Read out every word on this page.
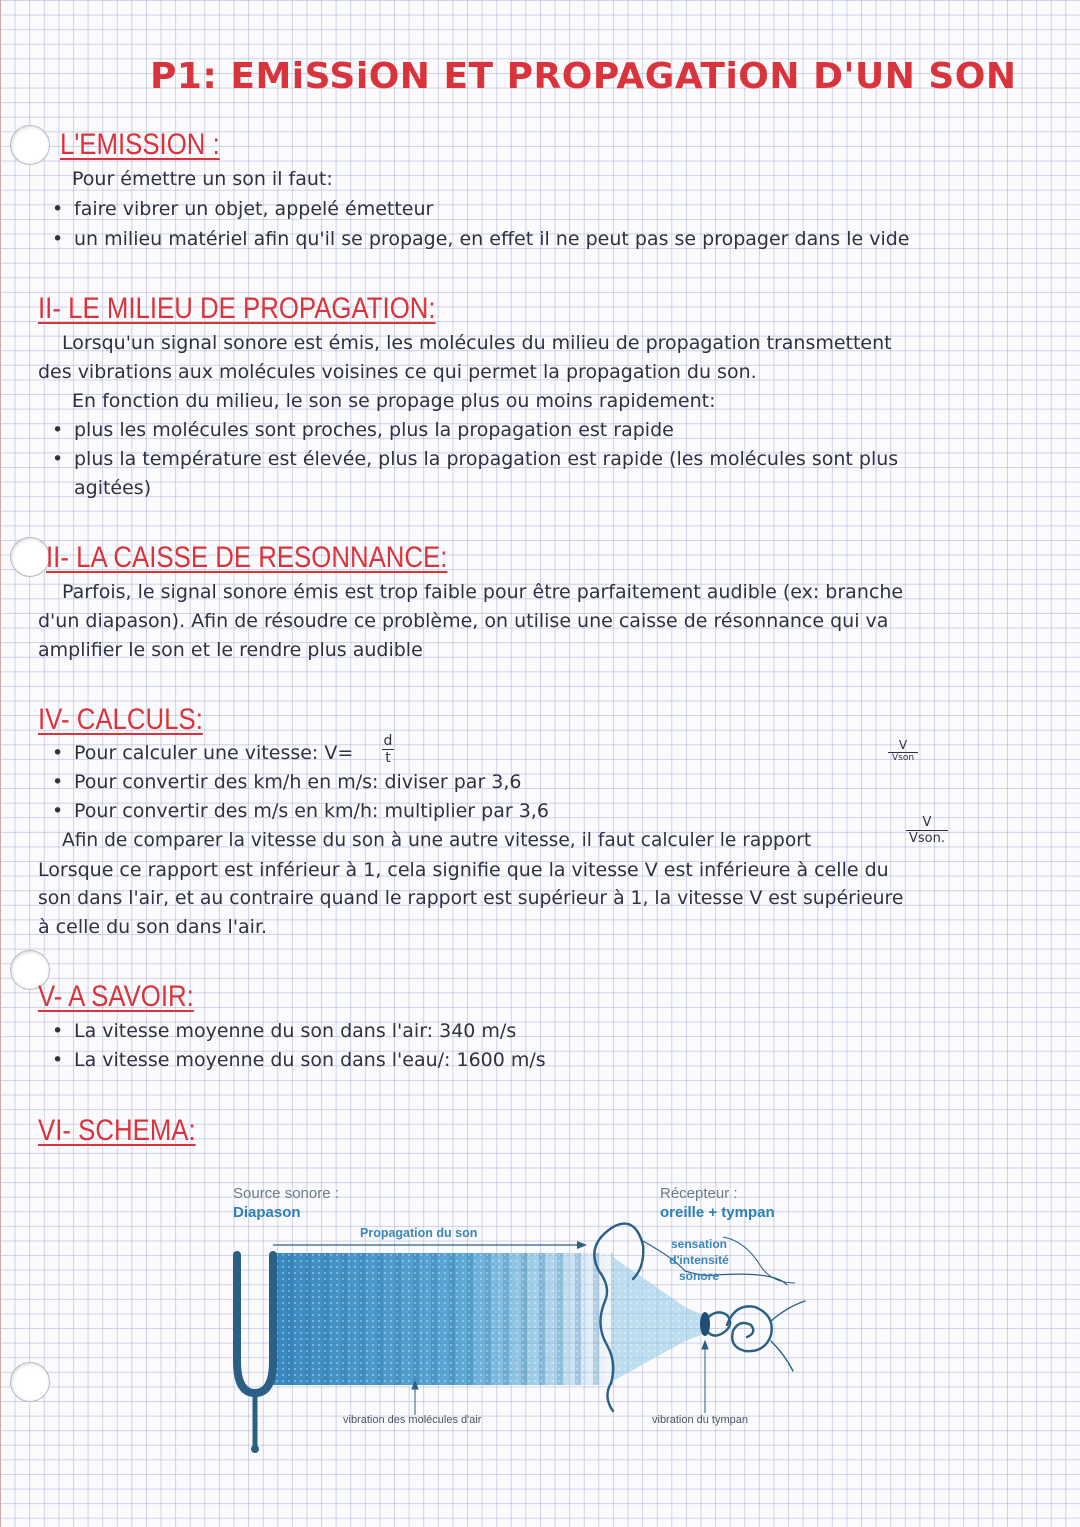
P1: EMiSSiON ET PROPAGATiON D'UN SON
L'EMISSION :
Pour émettre un son il faut:
• faire vibrer un objet, appelé émetteur
• un milieu matériel afin qu'il se propage, en effet il ne peut pas se propager dans le vide
II- LE MILIEU DE PROPAGATION:
Lorsqu'un signal sonore est émis, les molécules du milieu de propagation transmettent
des vibrations aux molécules voisines ce qui permet la propagation du son.
En fonction du milieu, le son se propage plus ou moins rapidement:
• plus les molécules sont proches, plus la propagation est rapide
• plus la température est élevée, plus la propagation est rapide (les molécules sont plus
agitées)
II- LA CAISSE DE RESONNANCE:
Parfois, le signal sonore émis est trop faible pour être parfaitement audible (ex: branche
d'un diapason). Afin de résoudre ce problème, on utilise une caisse de résonnance qui va
amplifier le son et le rendre plus audible
IV- CALCULS:
• Pour calculer une vitesse: $V= \frac{d}{t}$	V
Vson
• Pour convertir des km/h en m/s: diviser par 3,6
• Pour convertir des m/s en km/h: multiplier par 3,6
Afin de comparer la vitesse du son à une autre vitesse, il faut calculer le rapport
V
Vson.
Lorsque ce rapport est inférieur à 1, cela signifie que la vitesse V est inférieure à celle du
son dans l'air, et au contraire quand le rapport est supérieur à 1, la vitesse V est supérieure
à celle du son dans l'air.
V- A SAVOIR:
• La vitesse moyenne du son dans l'air: 340 m/s
• La vitesse moyenne du son dans l'eau/: 1600 m/s
VI- SCHEMA:
Source sonore :
Diapason
Propagation du son
Récepteur :
oreille + tympan
sensation
d'intensité
sonore
vibration des molécules d'air	vibration du tympan
